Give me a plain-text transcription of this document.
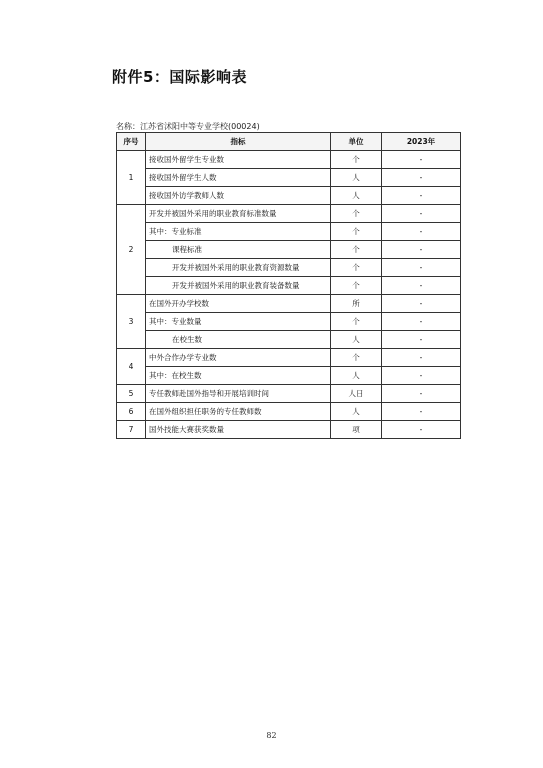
附件5：国际影响表
名称：江苏省沭阳中等专业学校(00024)
序号	指标	单位	2023年
1	接收国外留学生专业数	个	-
	接收国外留学生人数	人	-
	接收国外访学教师人数	人	-
2	开发并被国外采用的职业教育标准数量	个	-
	其中：专业标准	个	-
	课程标准	个	-
	开发并被国外采用的职业教育资源数量	个	-
	开发并被国外采用的职业教育装备数量	个	-
3	在国外开办学校数	所	-
	其中：专业数量	个	-
	在校生数	人	-
4	中外合作办学专业数	个	-
	其中：在校生数	人	-
5	专任教师赴国外指导和开展培训时间	人日	-
6	在国外组织担任职务的专任教师数	人	-
7	国外技能大赛获奖数量	项	-
82
